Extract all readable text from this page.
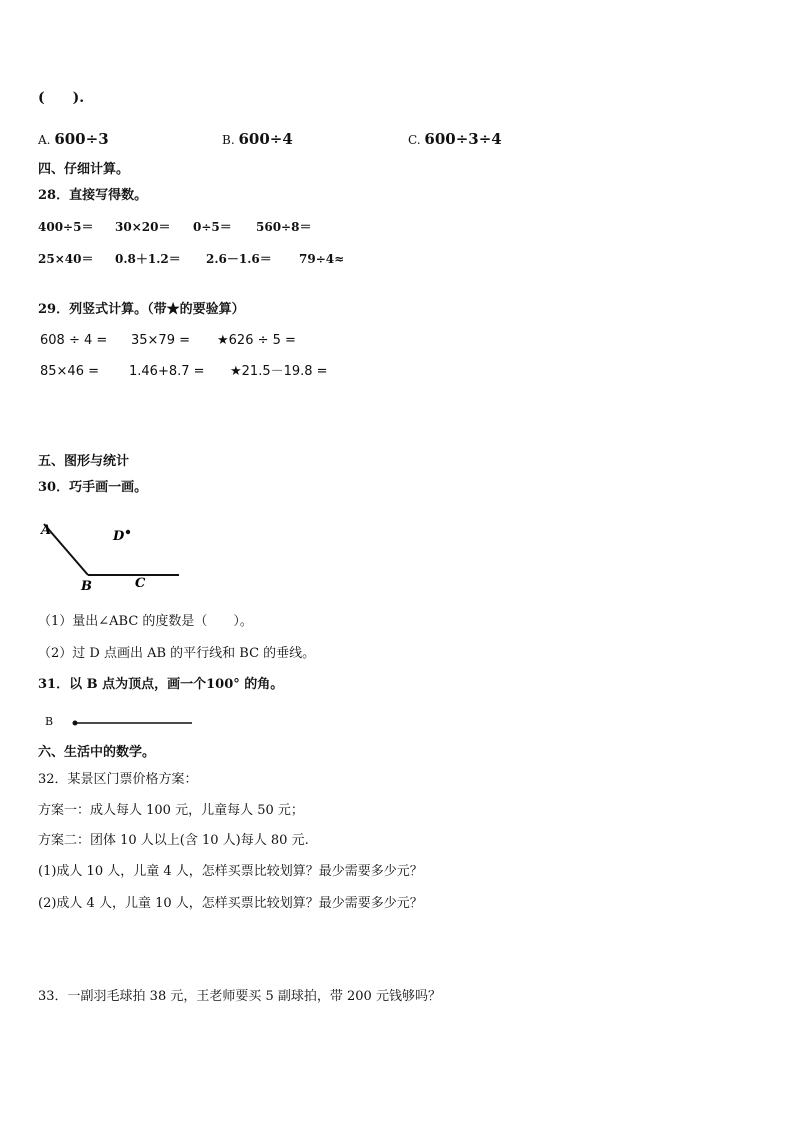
(　　).
A. 600÷3	B. 600÷4	C. 600÷3÷4
四、仔细计算。
28．直接写得数。
400÷5＝ 30×20＝ 0÷5＝ 560÷8＝
25×40＝ 0.8＋1.2＝ 2.6－1.6＝ 79÷4≈
29．列竖式计算。（带★的要验算）
608 ÷ 4 = 35×79 = ★626 ÷ 5 =
85×46 = 1.46+8.7 = ★21.5－19.8 =
五、图形与统计
30．巧手画一画。
A
B	C
D
（1）量出∠ABC 的度数是（　　）。
（2）过 D 点画出 AB 的平行线和 BC 的垂线。
31．以 B 点为顶点，画一个100° 的角。
B
六、生活中的数学。
32．某景区门票价格方案：
方案一：成人每人 100 元，儿童每人 50 元；
方案二：团体 10 人以上(含 10 人)每人 80 元.
(1)成人 10 人，儿童 4 人，怎样买票比较划算？最少需要多少元？
(2)成人 4 人，儿童 10 人，怎样买票比较划算？最少需要多少元？
33．一副羽毛球拍 38 元，王老师要买 5 副球拍，带 200 元钱够吗？
